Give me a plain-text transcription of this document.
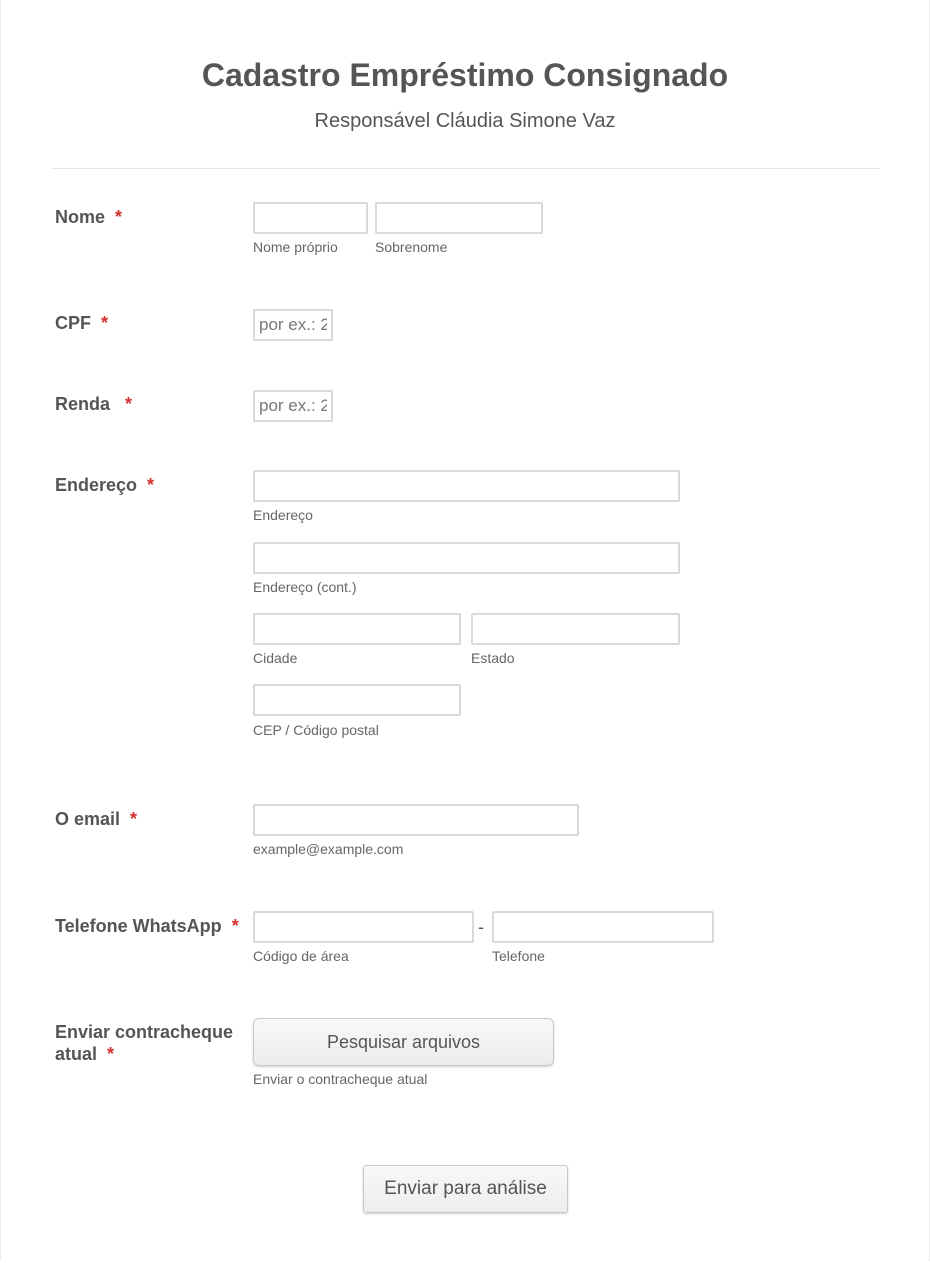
Cadastro Empréstimo Consignado
Responsável Cláudia Simone Vaz
Nome *
Nome próprio	Sobrenome
CPF *
por ex.: 23
Renda *
por ex.: 23
Endereço *
Endereço
Endereço (cont.)
Cidade	Estado
CEP / Código postal
O email *
example@example.com
Telefone WhatsApp *	-
Código de área	Telefone
Enviar contracheque
atual *
Pesquisar arquivos
Enviar o contracheque atual
Enviar para análise
